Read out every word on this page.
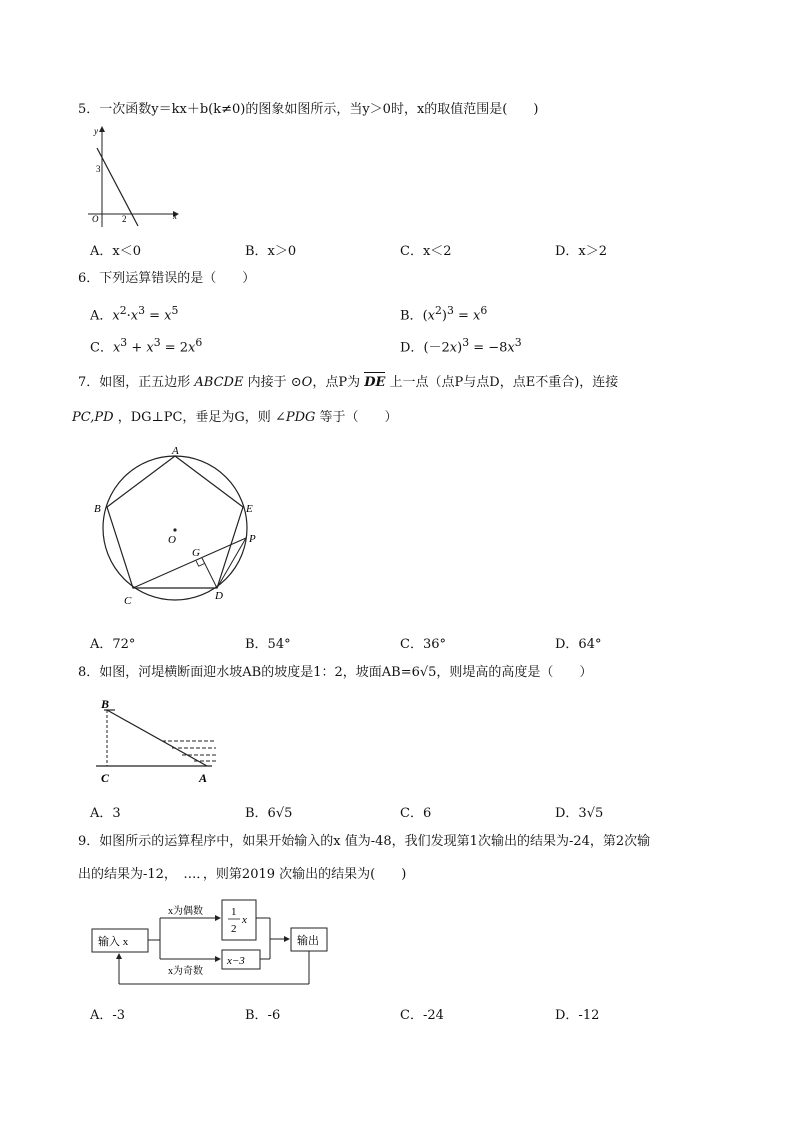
5．一次函数y＝kx＋b(k≠0)的图象如图所示，当y＞0时，x的取值范围是(　　)
y
x
O
3
2
A．x＜0	B．x＞0	C．x＜2	D．x＞2
6．下列运算错误的是（　　）
A．$x^2\cdot x^3 = x^5$	B．$(x^2)^3 = x^6$
C．$x^3 + x^3 = 2x^6$	D．$(-2x)^3 = -8x^3$
7．如图，正五边形 ABCDE 内接于 ⊙O，点P为 DE 上一点（点P与点D，点E不重合)，连接
PC,PD ，DG⊥PC，垂足为G，则 ∠PDG 等于（　　）
A
B
C	D
E
O
G
P
A．72°	B．54°	C．36°	D．64°
8．如图，河堤横断面迎水坡AB的坡度是1：2，坡面AB=6√5，则堤高的高度是（　　）
B
C	A
A．3	B．6√5	C．6	D．3√5
9．如图所示的运算程序中，如果开始输入的x 值为-48，我们发现第1次输出的结果为-24，第2次输
出的结果为-12，　…．，则第2019 次输出的结果为(　　)
输入 x
x为偶数
x为奇数
1
2
x
x−3
输出
A．-3	B．-6	C．-24	D．-12
